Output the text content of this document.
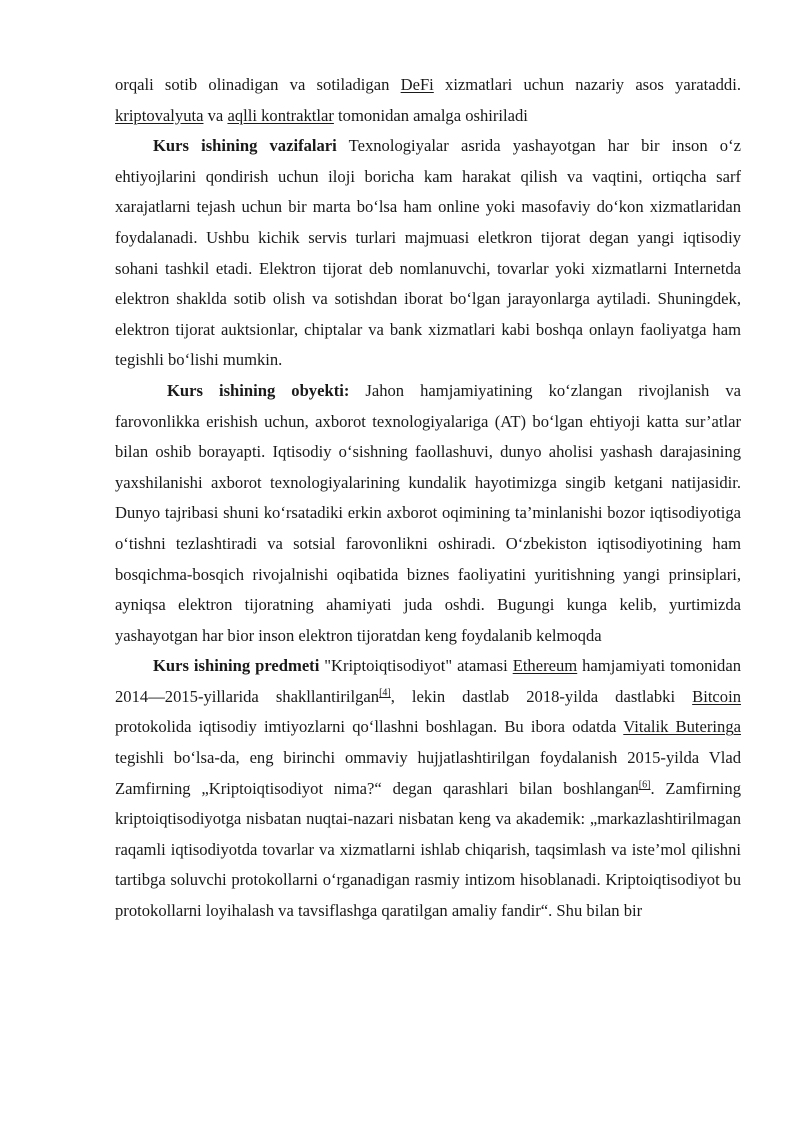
orqali sotib olinadigan va sotiladigan DeFi xizmatlari uchun nazariy asos yarataddi. kriptovalyuta va aqlli kontraktlar tomonidan amalga oshiriladi

Kurs ishining vazifalari Texnologiyalar asrida yashayotgan har bir inson o‘z ehtiyojlarini qondirish uchun iloji boricha kam harakat qilish va vaqtini, ortiqcha sarf xarajatlarni tejash uchun bir marta bo‘lsa ham online yoki masofaviy do‘kon xizmatlaridan foydalanadi. Ushbu kichik servis turlari majmuasi eletkron tijorat degan yangi iqtisodiy sohani tashkil etadi. Elektron tijorat deb nomlanuvchi, tovarlar yoki xizmatlarni Internetda elektron shaklda sotib olish va sotishdan iborat bo‘lgan jarayonlarga aytiladi. Shuningdek, elektron tijorat auktsionlar, chiptalar va bank xizmatlari kabi boshqa onlayn faoliyatga ham tegishli bo‘lishi mumkin.

Kurs ishining obyekti: Jahon hamjamiyatining ko‘zlangan rivojlanish va farovonlikka erishish uchun, axborot texnologiyalariga (AT) bo‘lgan ehtiyoji katta sur’atlar bilan oshib borayapti. Iqtisodiy o‘sishning faollashuvi, dunyo aholisi yashash darajasining yaxshilanishi axborot texnologiyalarining kundalik hayotimizga singib ketgani natijasidir. Dunyo tajribasi shuni ko‘rsatadiki erkin axborot oqimining ta’minlanishi bozor iqtisodiyotiga o‘tishni tezlashtiradi va sotsial farovonlikni oshiradi. O‘zbekiston iqtisodiyotining ham bosqichma-bosqich rivojalnishi oqibatida biznes faoliyatini yuritishning yangi prinsiplari, ayniqsa elektron tijoratning ahamiyati juda oshdi. Bugungi kunga kelib, yurtimizda yashayotgan har bior inson elektron tijoratdan keng foydalanib kelmoqda

Kurs ishining predmeti "Kriptoiqtisodiyot" atamasi Ethereum hamjamiyati tomonidan 2014—2015-yillarida shakllantirilgan[4], lekin dastlab 2018-yilda dastlabki Bitcoin protokolida iqtisodiy imtiyozlarni qo‘llashni boshlagan. Bu ibora odatda Vitalik Buteringa tegishli bo‘lsa-da, eng birinchi ommaviy hujjatlashtirilgan foydalanish 2015-yilda Vlad Zamfirning „Kriptoiqtisodiyot nima?“ degan qarashlari bilan boshlangan[6]. Zamfirning kriptoiqtisodiyotga nisbatan nuqtai-nazari nisbatan keng va akademik: „markazlashtirilmagan raqamli iqtisodiyotda tovarlar va xizmatlarni ishlab chiqarish, taqsimlash va iste’mol qilishni tartibga soluvchi protokollarni o‘rganadigan rasmiy intizom hisoblanadi. Kriptoiqtisodiyot bu protokollarni loyihalash va tavsiflashga qaratilgan amaliy fandir“. Shu bilan bir
